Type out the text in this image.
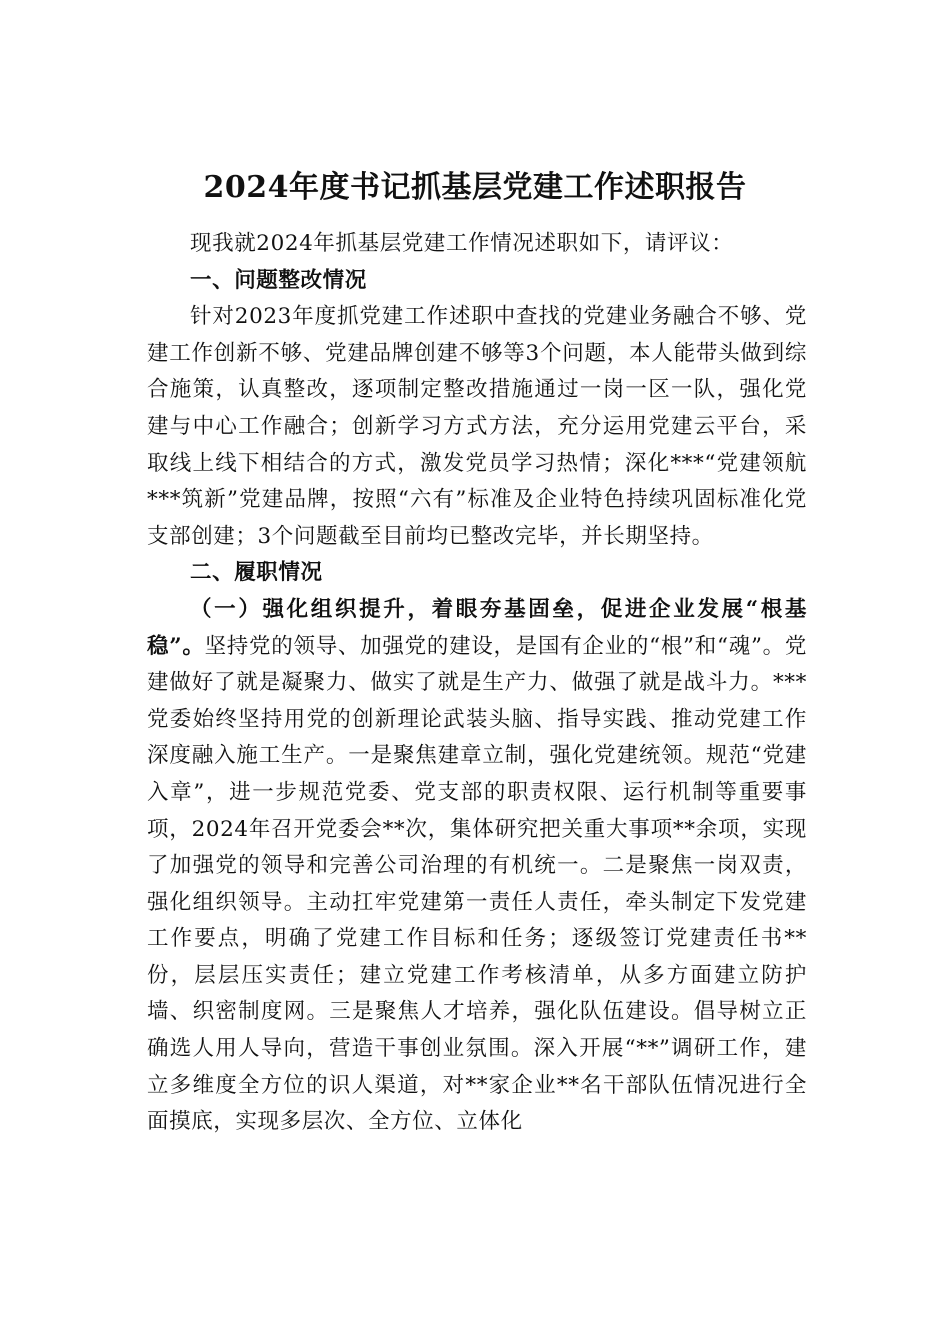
2024年度书记抓基层党建工作述职报告

现我就2024年抓基层党建工作情况述职如下，请评议：

一、问题整改情况

针对2023年度抓党建工作述职中查找的党建业务融合不够、党建工作创新不够、党建品牌创建不够等3个问题，本人能带头做到综合施策，认真整改，逐项制定整改措施通过一岗一区一队，强化党建与中心工作融合；创新学习方式方法，充分运用党建云平台，采取线上线下相结合的方式，激发党员学习热情；深化***“党建领航***筑新”党建品牌，按照“六有”标准及企业特色持续巩固标准化党支部创建；3个问题截至目前均已整改完毕，并长期坚持。

二、履职情况

（一）强化组织提升，着眼夯基固垒，促进企业发展“根基稳”。坚持党的领导、加强党的建设，是国有企业的“根”和“魂”。党建做好了就是凝聚力、做实了就是生产力、做强了就是战斗力。***党委始终坚持用党的创新理论武装头脑、指导实践、推动党建工作深度融入施工生产。一是聚焦建章立制，强化党建统领。规范“党建入章”，进一步规范党委、党支部的职责权限、运行机制等重要事项，2024年召开党委会**次，集体研究把关重大事项**余项，实现了加强党的领导和完善公司治理的有机统一。二是聚焦一岗双责，强化组织领导。主动扛牢党建第一责任人责任，牵头制定下发党建工作要点，明确了党建工作目标和任务；逐级签订党建责任书**份，层层压实责任；建立党建工作考核清单，从多方面建立防护墙、织密制度网。三是聚焦人才培养，强化队伍建设。倡导树立正确选人用人导向，营造干事创业氛围。深入开展“**”调研工作，建立多维度全方位的识人渠道，对**家企业**名干部队伍情况进行全面摸底，实现多层次、全方位、立体化
